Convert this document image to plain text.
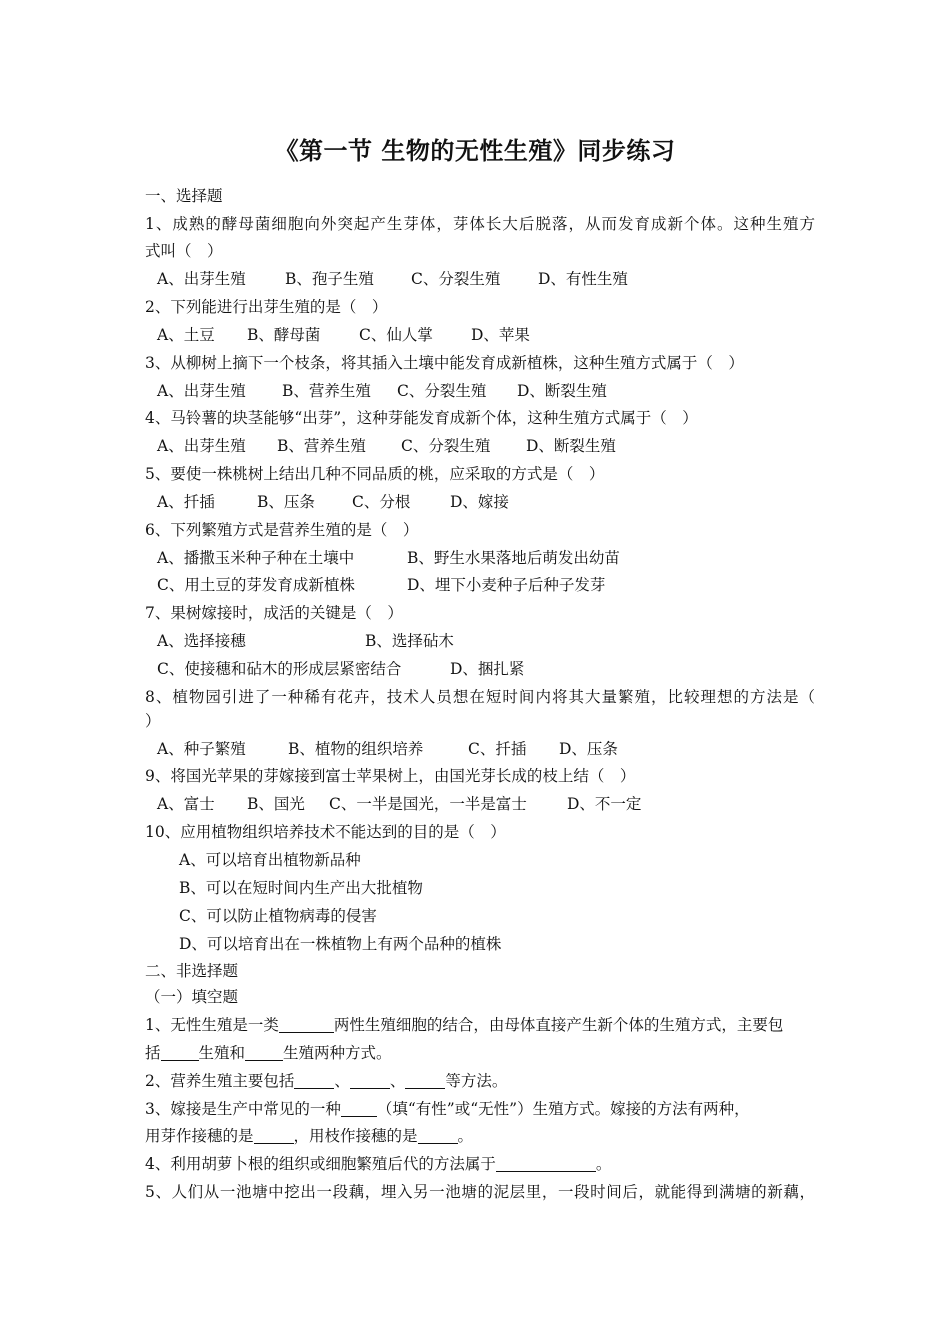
《第一节 生物的无性生殖》同步练习
一、选择题
1、成熟的酵母菌细胞向外突起产生芽体，芽体长大后脱落，从而发育成新个体。这种生殖方
式叫（　）
A、出芽生殖	B、孢子生殖 C、分裂生殖 D、有性生殖
2、下列能进行出芽生殖的是（　）
A、土豆 B、酵母菌 C、仙人掌 D、苹果
3、从柳树上摘下一个枝条，将其插入土壤中能发育成新植株，这种生殖方式属于（　）
A、出芽生殖 B、营养生殖 C、分裂生殖 D、断裂生殖
4、马铃薯的块茎能够“出芽”，这种芽能发育成新个体，这种生殖方式属于（　）
A、出芽生殖 B、营养生殖 C、分裂生殖 D、断裂生殖
5、要使一株桃树上结出几种不同品质的桃，应采取的方式是（　）
A、扦插	B、压条 C、分根	D、嫁接
6、下列繁殖方式是营养生殖的是（　）
A、播撒玉米种子种在土壤中	B、野生水果落地后萌发出幼苗
C、用土豆的芽发育成新植株	D、埋下小麦种子后种子发芽
7、果树嫁接时，成活的关键是（　）
A、选择接穗	B、选择砧木
C、使接穗和砧木的形成层紧密结合	D、捆扎紧
8、植物园引进了一种稀有花卉，技术人员想在短时间内将其大量繁殖，比较理想的方法是（
）
A、种子繁殖	B、植物的组织培养	C、扦插 D、压条
9、将国光苹果的芽嫁接到富士苹果树上，由国光芽长成的枝上结（　）
A、富士 B、国光 C、一半是国光，一半是富士	D、不一定
10、应用植物组织培养技术不能达到的目的是（　）
A、可以培育出植物新品种
B、可以在短时间内生产出大批植物
C、可以防止植物病毒的侵害
D、可以培育出在一株植物上有两个品种的植株
二、非选择题
（一）填空题
1、无性生殖是一类	两性生殖细胞的结合，由母体直接产生新个体的生殖方式，主要包
括 生殖和 生殖两种方式。
2、营养生殖主要包括	、	、	等方法。
3、嫁接是生产中常见的一种 （填“有性”或“无性”）生殖方式。嫁接的方法有两种，
用芽作接穗的是	，用枝作接穗的是	。
4、利用胡萝卜根的组织或细胞繁殖后代的方法属于	。
5、人们从一池塘中挖出一段藕，埋入另一池塘的泥层里，一段时间后，就能得到满塘的新藕，
